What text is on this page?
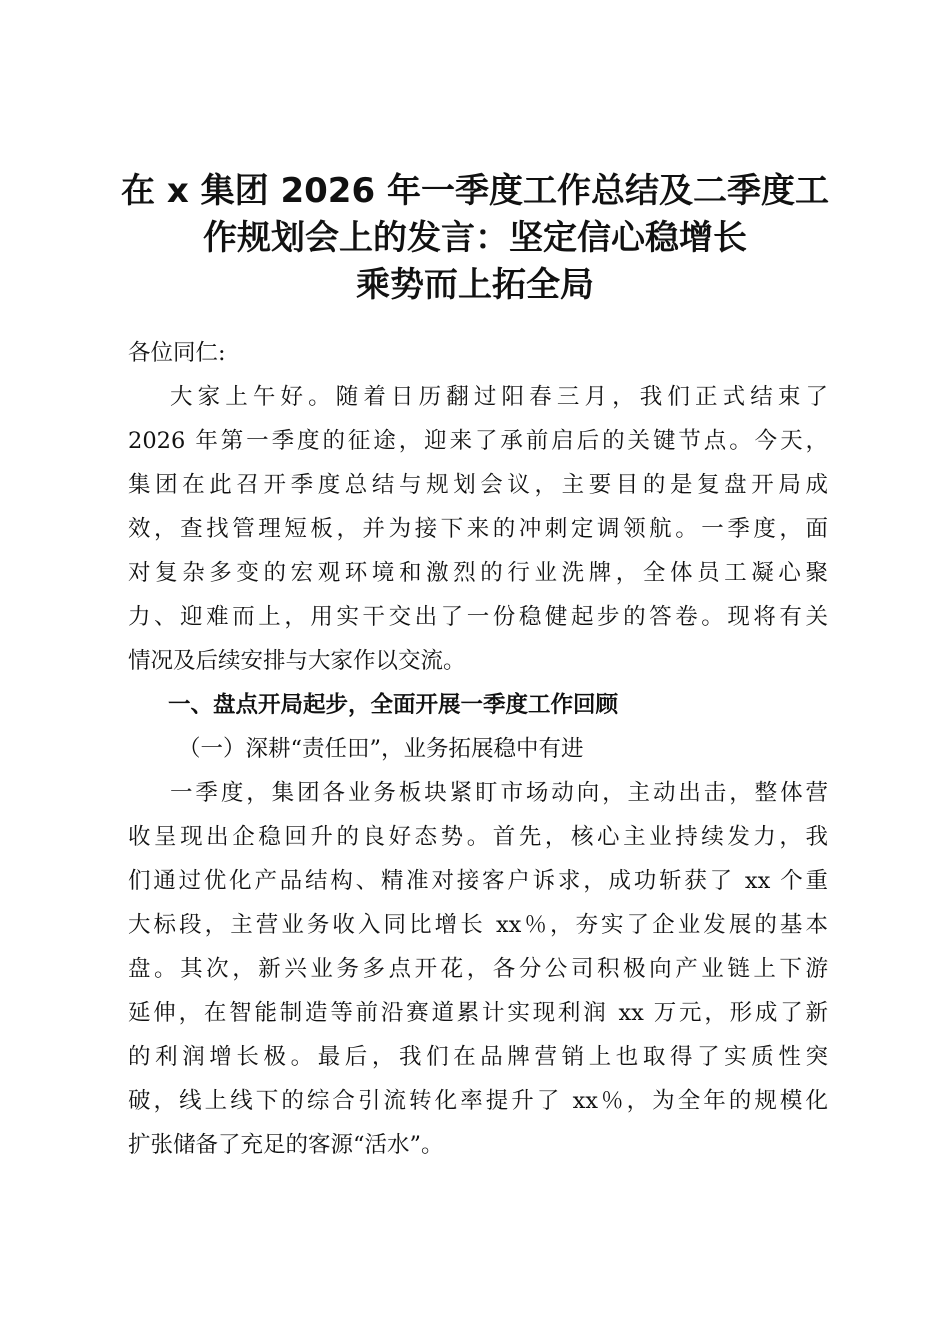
在 x 集团 2026 年一季度工作总结及二季度工
作规划会上的发言：坚定信心稳增长
乘势而上拓全局

各位同仁:

大家上午好。随着日历翻过阳春三月，我们正式结束了

2026 年第一季度的征途，迎来了承前启后的关键节点。今天，

集团在此召开季度总结与规划会议，主要目的是复盘开局成

效，查找管理短板，并为接下来的冲刺定调领航。一季度，面

对复杂多变的宏观环境和激烈的行业洗牌，全体员工凝心聚

力、迎难而上，用实干交出了一份稳健起步的答卷。现将有关

情况及后续安排与大家作以交流。

一、盘点开局起步，全面开展一季度工作回顾

（一）深耕“责任田”，业务拓展稳中有进

一季度，集团各业务板块紧盯市场动向，主动出击，整体营

收呈现出企稳回升的良好态势。首先，核心主业持续发力，我

们通过优化产品结构、精准对接客户诉求，成功斩获了 xx 个重

大标段，主营业务收入同比增长 xx％，夯实了企业发展的基本

盘。其次，新兴业务多点开花，各分公司积极向产业链上下游

延伸，在智能制造等前沿赛道累计实现利润 xx 万元，形成了新

的利润增长极。最后，我们在品牌营销上也取得了实质性突

破，线上线下的综合引流转化率提升了 xx％，为全年的规模化

扩张储备了充足的客源“活水”。
